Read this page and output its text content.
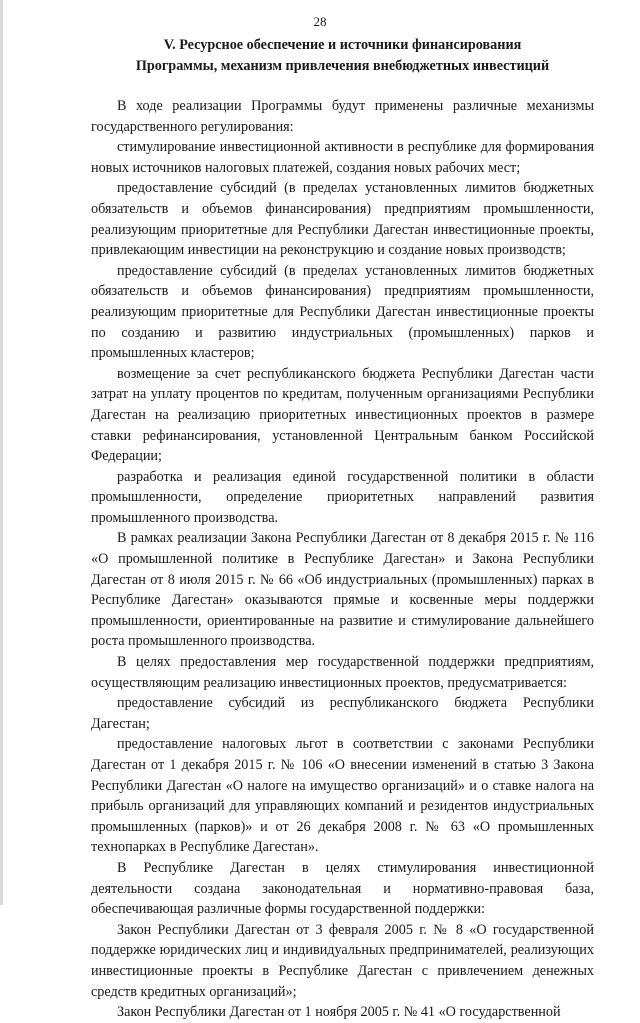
28
V. Ресурсное обеспечение и источники финансирования
Программы, механизм привлечения внебюджетных инвестиций

В ходе реализации Программы будут применены различные механизмы государственного регулирования:

стимулирование инвестиционной активности в республике для формирования новых источников налоговых платежей, создания новых рабочих мест;

предоставление субсидий (в пределах установленных лимитов бюджетных обязательств и объемов финансирования) предприятиям промышленности, реализующим приоритетные для Республики Дагестан инвестиционные проекты, привлекающим инвестиции на реконструкцию и создание новых производств;

предоставление субсидий (в пределах установленных лимитов бюджетных обязательств и объемов финансирования) предприятиям промышленности, реализующим приоритетные для Республики Дагестан инвестиционные проекты по созданию и развитию индустриальных (промышленных) парков и промышленных кластеров;

возмещение за счет республиканского бюджета Республики Дагестан части затрат на уплату процентов по кредитам, полученным организациями Республики Дагестан на реализацию приоритетных инвестиционных проектов в размере ставки рефинансирования, установленной Центральным банком Российской Федерации;

разработка и реализация единой государственной политики в области промышленности, определение приоритетных направлений развития промышленного производства.

В рамках реализации Закона Республики Дагестан от 8 декабря 2015 г. № 116 «О промышленной политике в Республике Дагестан» и Закона Республики Дагестан от 8 июля 2015 г. № 66 «Об индустриальных (промышленных) парках в Республике Дагестан» оказываются прямые и косвенные меры поддержки промышленности, ориентированные на развитие и стимулирование дальнейшего роста промышленного производства.

В целях предоставления мер государственной поддержки предприятиям, осуществляющим реализацию инвестиционных проектов, предусматривается:

предоставление субсидий из республиканского бюджета Республики Дагестан;

предоставление налоговых льгот в соответствии с законами Республики Дагестан от 1 декабря 2015 г. № 106 «О внесении изменений в статью 3 Закона Республики Дагестан «О налоге на имущество организаций» и о ставке налога на прибыль организаций для управляющих компаний и резидентов индустриальных промышленных (парков)» и от 26 декабря 2008 г. № 63 «О промышленных технопарках в Республике Дагестан».

В Республике Дагестан в целях стимулирования инвестиционной деятельности создана законодательная и нормативно-правовая база, обеспечивающая различные формы государственной поддержки:

Закон Республики Дагестан от 3 февраля 2005 г. № 8 «О государственной поддержке юридических лиц и индивидуальных предпринимателей, реализующих инвестиционные проекты в Республике Дагестан с привлечением денежных средств кредитных организаций»;

Закон Республики Дагестан от 1 ноября 2005 г. № 41 «О государственной
